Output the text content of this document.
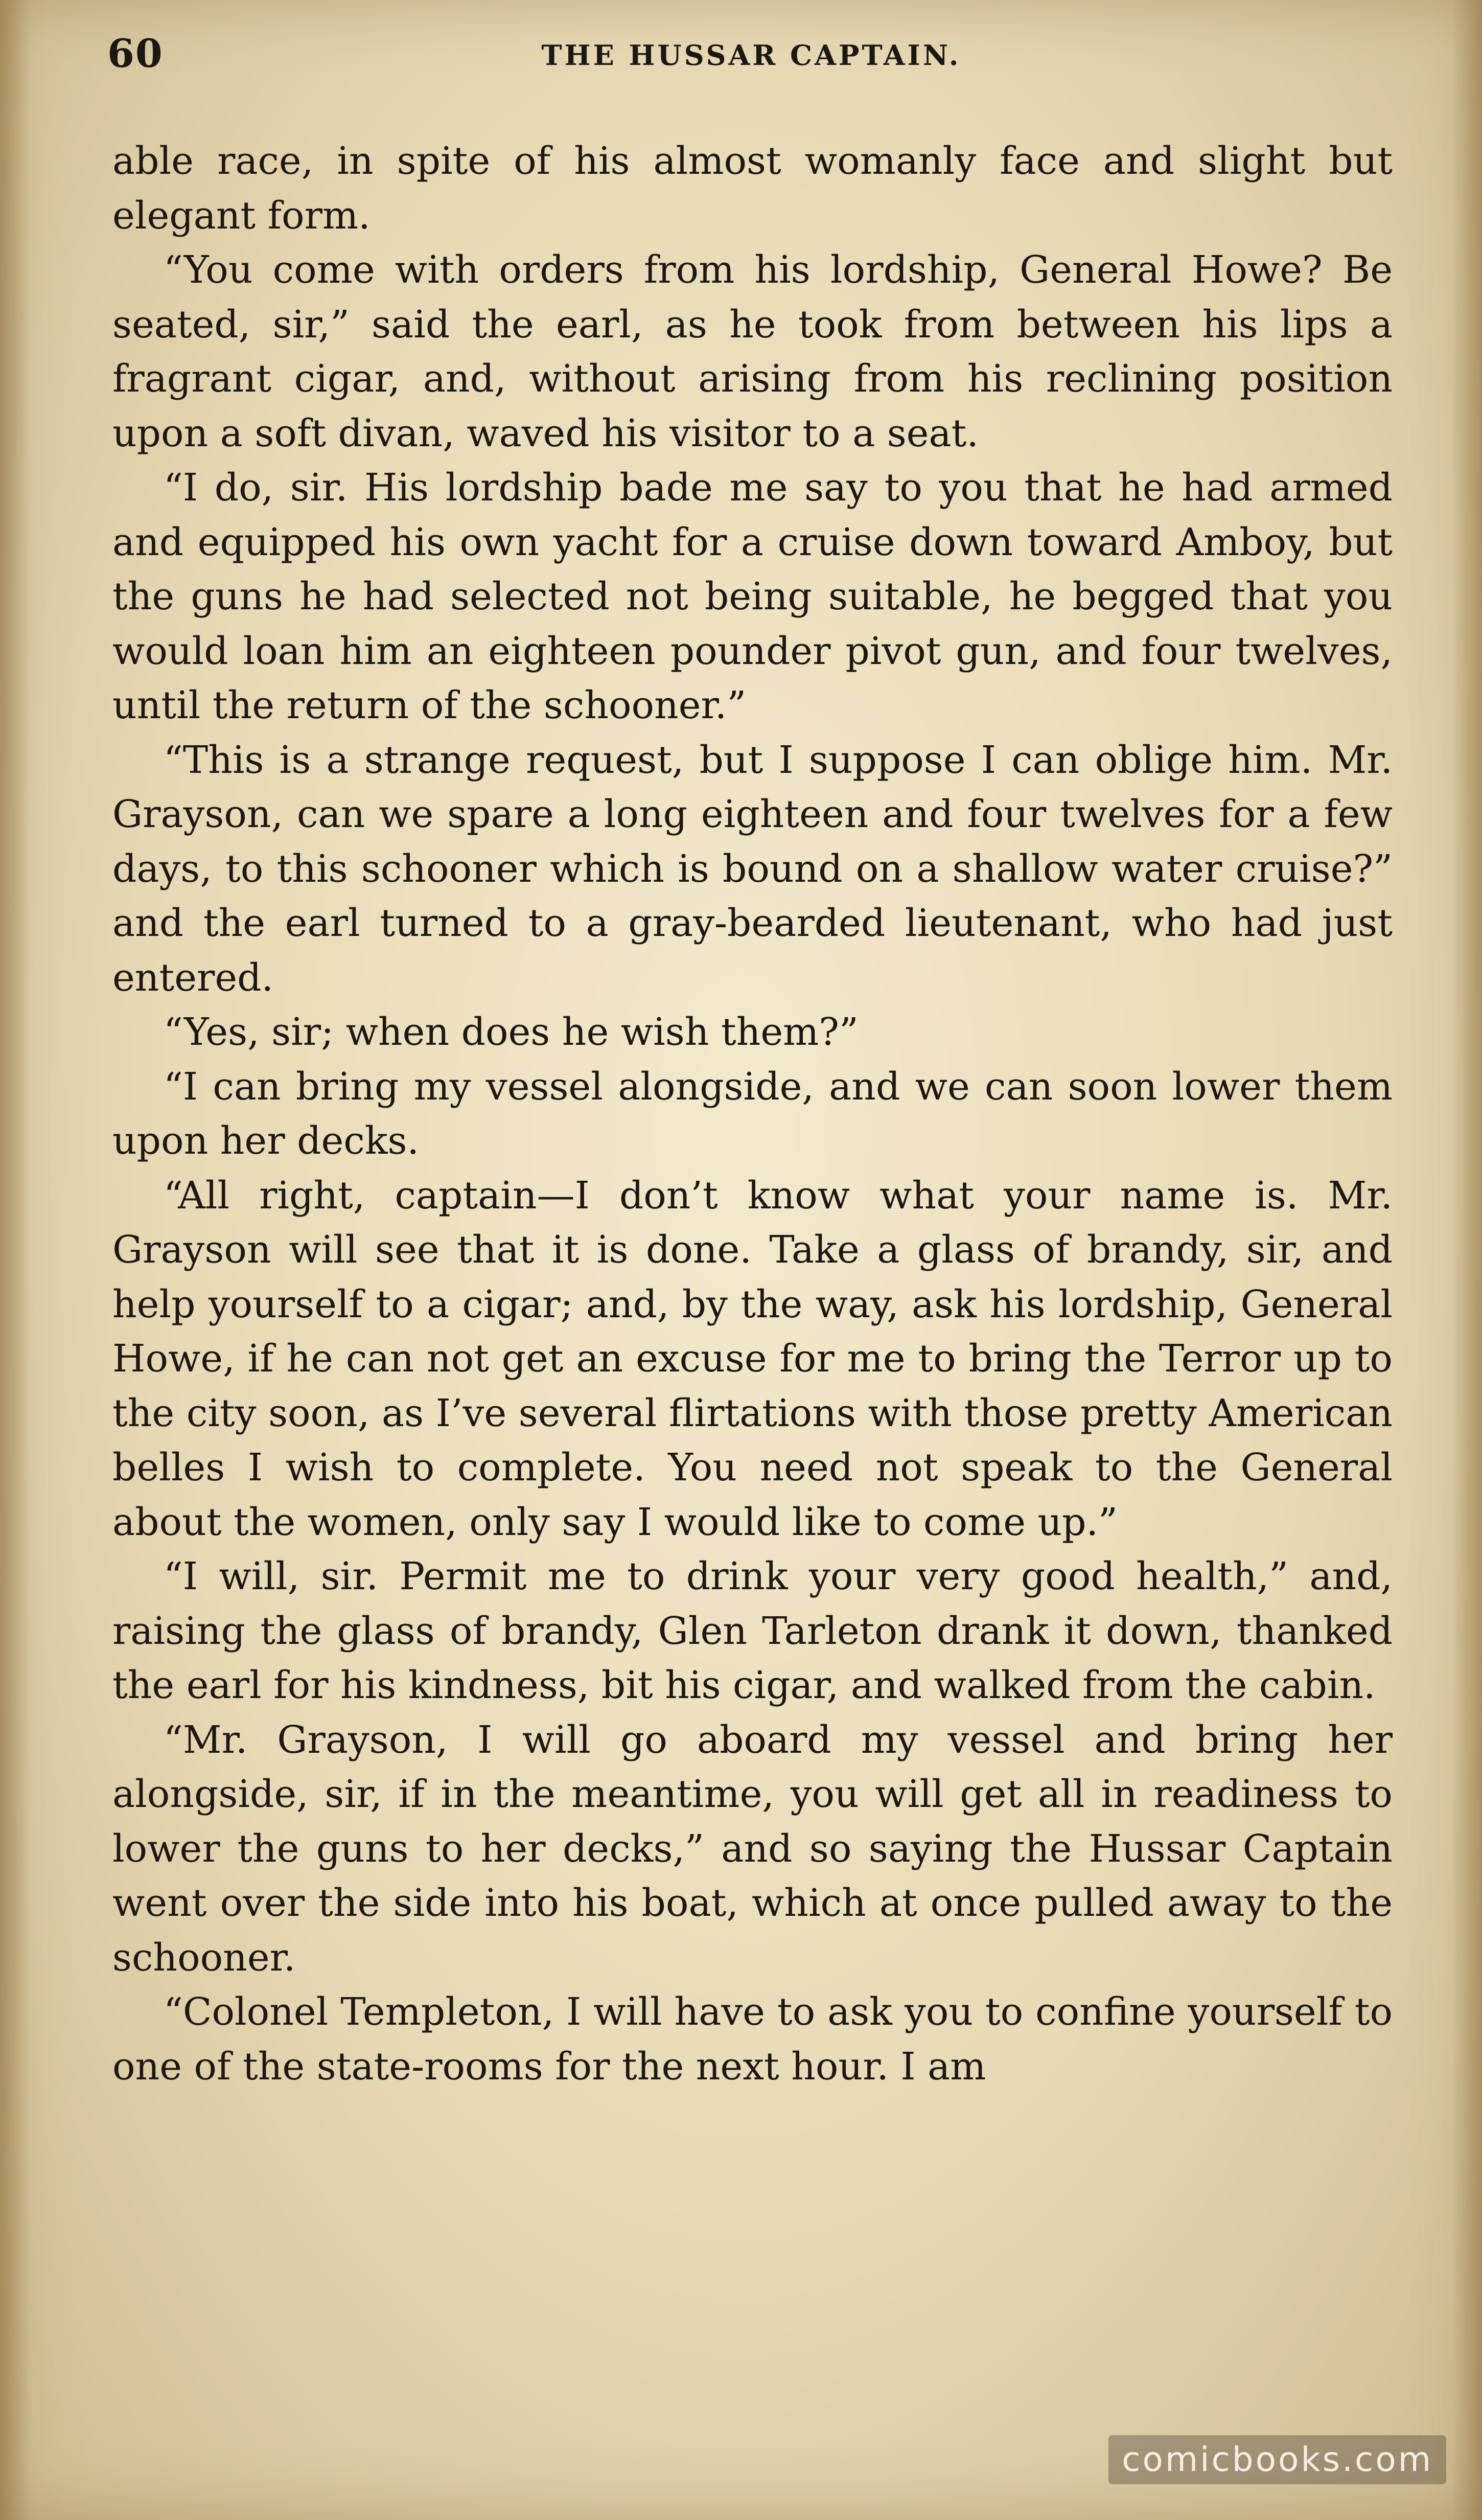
60	THE HUSSAR CAPTAIN.

able race, in spite of his almost womanly face and slight but elegant form.

“You come with orders from his lordship, General Howe? Be seated, sir,” said the earl, as he took from between his lips a fragrant cigar, and, without arising from his reclining position upon a soft divan, waved his visitor to a seat.

“I do, sir. His lordship bade me say to you that he had armed and equipped his own yacht for a cruise down toward Amboy, but the guns he had selected not being suitable, he begged that you would loan him an eighteen pounder pivot gun, and four twelves, until the return of the schooner.”

“This is a strange request, but I suppose I can oblige him. Mr. Grayson, can we spare a long eighteen and four twelves for a few days, to this schooner which is bound on a shallow water cruise?” and the earl turned to a gray-bearded lieutenant, who had just entered.

“Yes, sir; when does he wish them?”

“I can bring my vessel alongside, and we can soon lower them upon her decks.

“All right, captain—I don’t know what your name is. Mr. Grayson will see that it is done. Take a glass of brandy, sir, and help yourself to a cigar; and, by the way, ask his lordship, General Howe, if he can not get an excuse for me to bring the Terror up to the city soon, as I’ve several flirtations with those pretty American belles I wish to complete. You need not speak to the General about the women, only say I would like to come up.”

“I will, sir. Permit me to drink your very good health,” and, raising the glass of brandy, Glen Tarleton drank it down, thanked the earl for his kindness, bit his cigar, and walked from the cabin.

“Mr. Grayson, I will go aboard my vessel and bring her alongside, sir, if in the meantime, you will get all in readiness to lower the guns to her decks,” and so saying the Hussar Captain went over the side into his boat, which at once pulled away to the schooner.

“Colonel Templeton, I will have to ask you to confine yourself to one of the state-rooms for the next hour. I am

comicbooks.com
